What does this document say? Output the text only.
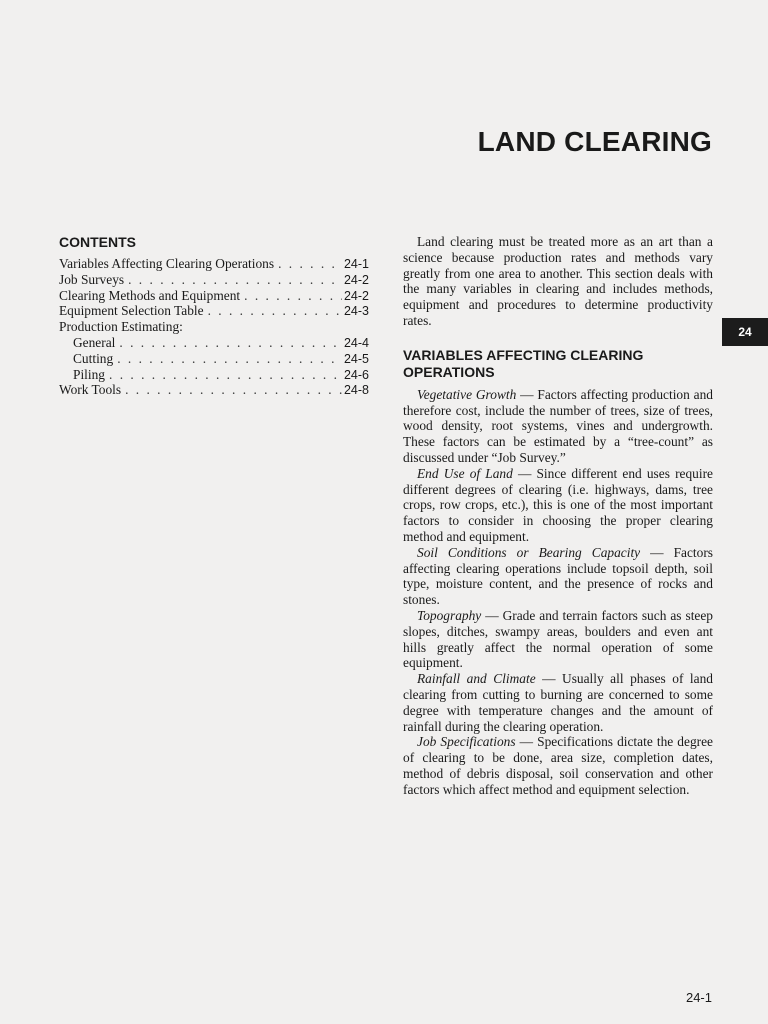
LAND CLEARING
CONTENTS
Variables Affecting Clearing Operations . . .	24-1
Job Surveys . . .	24-2
Clearing Methods and Equipment . . .	24-2
Equipment Selection Table . . .	24-3
Production Estimating:
General . . .	24-4
Cutting . . .	24-5
Piling . . .	24-6
Work Tools . . .	24-8

Land clearing must be treated more as an art than a science because production rates and methods vary greatly from one area to another. This section deals with the many variables in clearing and includes methods, equipment and procedures to determine productivity rates.

VARIABLES AFFECTING CLEARING OPERATIONS

Vegetative Growth — Factors affecting production and therefore cost, include the number of trees, size of trees, wood density, root systems, vines and undergrowth. These factors can be estimated by a “tree-count” as discussed under “Job Survey.”

End Use of Land — Since different end uses require different degrees of clearing (i.e. highways, dams, tree crops, row crops, etc.), this is one of the most important factors to consider in choosing the proper clearing method and equipment.

Soil Conditions or Bearing Capacity — Factors affecting clearing operations include topsoil depth, soil type, moisture content, and the presence of rocks and stones.

Topography — Grade and terrain factors such as steep slopes, ditches, swampy areas, boulders and even ant hills greatly affect the normal operation of some equipment.

Rainfall and Climate — Usually all phases of land clearing from cutting to burning are concerned to some degree with temperature changes and the amount of rainfall during the clearing operation.

Job Specifications — Specifications dictate the degree of clearing to be done, area size, completion dates, method of debris disposal, soil conservation and other factors which affect method and equipment selection.

24
24-1
